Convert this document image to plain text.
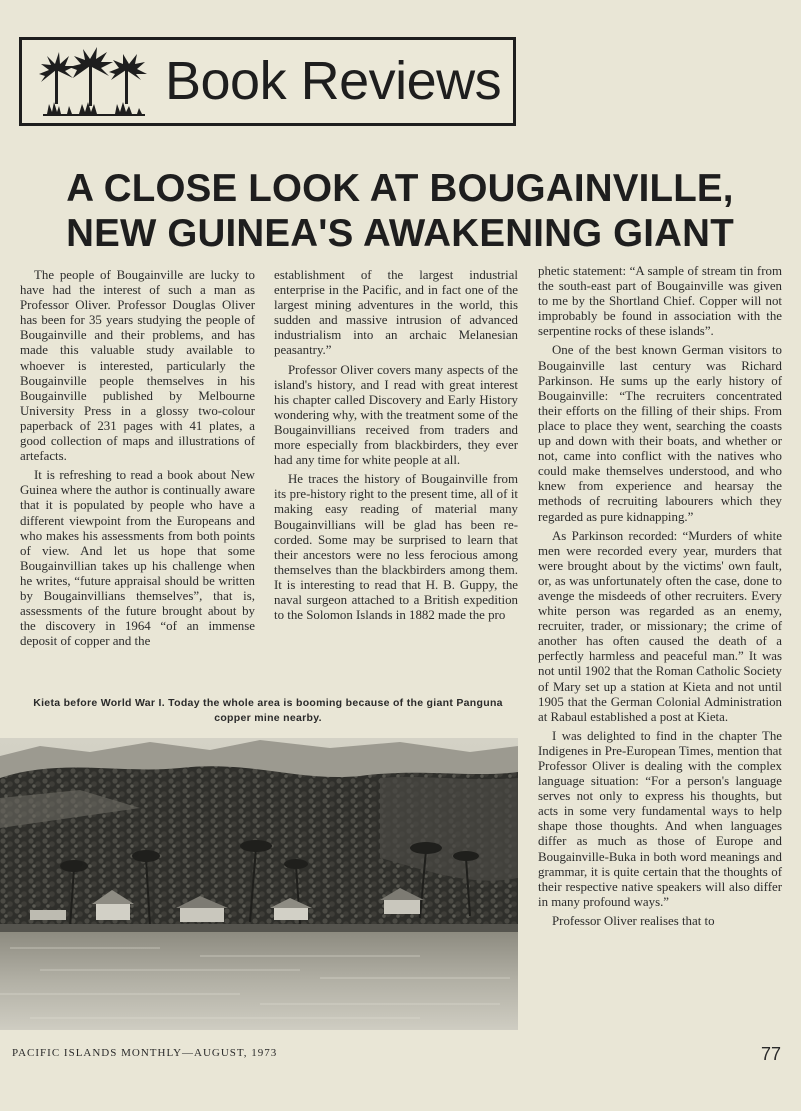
Book Reviews
A CLOSE LOOK AT BOUGAINVILLE,
NEW GUINEA'S AWAKENING GIANT

The people of Bougainville are lucky to have had the interest of such a man as Professor Oliver. Professor Douglas Oliver has been for 35 years studying the people of Bougainville and their problems, and has made this valuable study available to whoever is interested, particularly the Bougainville people themselves in his Bougainville published by Melbourne University Press in a glossy two-colour paperback of 231 pages with 41 plates, a good collection of maps and illustrations of artefacts.

It is refreshing to read a book about New Guinea where the author is continually aware that it is populated by people who have a different viewpoint from the Europeans and who makes his assessments from both points of view. And let us hope that some Bougainvillian takes up his challenge when he writes, “future appraisal should be written by Bougainvillians themselves”, that is, assessments of the future brought about by the discovery in 1964 “of an immense deposit of copper and the

establishment of the largest industrial enterprise in the Pacific, and in fact one of the largest mining adventures in the world, this sudden and massive intrusion of advanced industrialism into an archaic Melanesian peasantry.”

Professor Oliver covers many aspects of the island's history, and I read with great interest his chapter called Discovery and Early History wondering why, with the treatment some of the Bougainvillians received from traders and more especially from blackbirders, they ever had any time for white people at all.

He traces the history of Bougainville from its pre-history right to the present time, all of it making easy reading of material many Bougainvillians will be glad has been recorded. Some may be surprised to learn that their ancestors were no less ferocious among themselves than the blackbirders among them. It is interesting to read that H. B. Guppy, the naval surgeon attached to a British expedition to the Solomon Islands in 1882 made the pro

phetic statement: “A sample of stream tin from the south-east part of Bougainville was given to me by the Shortland Chief. Copper will not improbably be found in association with the serpentine rocks of these islands”.

One of the best known German visitors to Bougainville last century was Richard Parkinson. He sums up the early history of Bougainville: “The recruiters concentrated their efforts on the filling of their ships. From place to place they went, searching the coasts up and down with their boats, and whether or not, came into conflict with the natives who could make themselves understood, and who knew from experience and hearsay the methods of recruiting labourers which they regarded as pure kidnapping.”

As Parkinson recorded: “Murders of white men were recorded every year, murders that were brought about by the victims' own fault, or, as was unfortunately often the case, done to avenge the misdeeds of other recruiters. Every white person was regarded as an enemy, recruiter, trader, or missionary; the crime of another has often caused the death of a perfectly harmless and peaceful man.” It was not until 1902 that the Roman Catholic Society of Mary set up a station at Kieta and not until 1905 that the German Colonial Administration at Rabaul established a post at Kieta.

I was delighted to find in the chapter The Indigenes in Pre-European Times, mention that Professor Oliver is dealing with the complex language situation: “For a person's language serves not only to express his thoughts, but acts in some very fundamental ways to help shape those thoughts. And when languages differ as much as those of Europe and Bougainville-Buka in both word meanings and grammar, it is quite certain that the thoughts of their respective native speakers will also differ in many profound ways.”

Professor Oliver realises that to

Kieta before World War I. Today the whole area is booming because of the giant Panguna copper mine nearby.

PACIFIC ISLANDS MONTHLY—AUGUST, 1973	77
